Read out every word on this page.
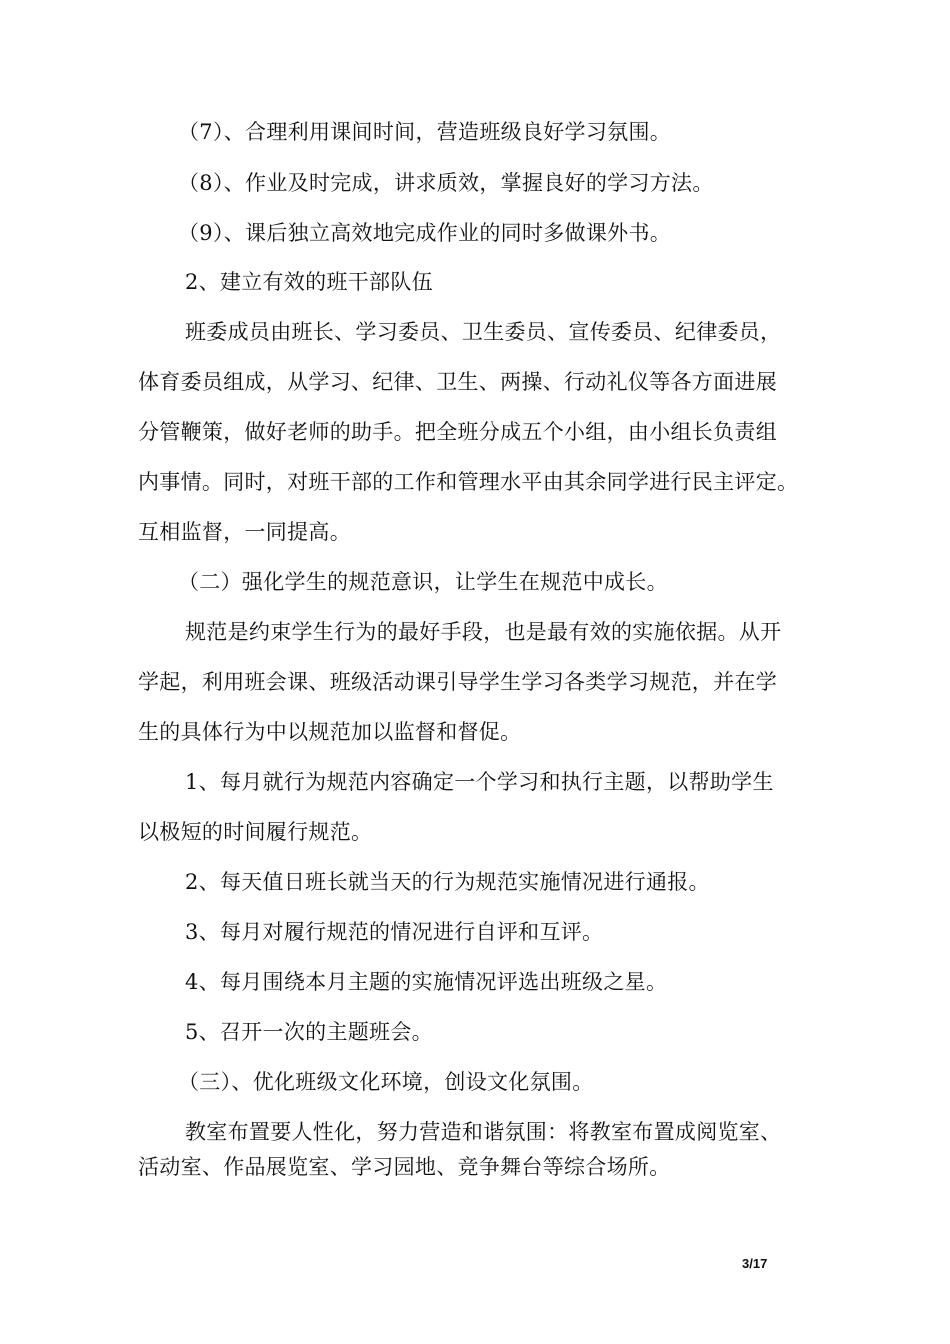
（7）、合理利用课间时间，营造班级良好学习氛围。
（8）、作业及时完成，讲求质效，掌握良好的学习方法。
（9）、课后独立高效地完成作业的同时多做课外书。
2、建立有效的班干部队伍
班委成员由班长、学习委员、卫生委员、宣传委员、纪律委员，
体育委员组成，从学习、纪律、卫生、两操、行动礼仪等各方面进展
分管鞭策，做好老师的助手。把全班分成五个小组，由小组长负责组
内事情。同时，对班干部的工作和管理水平由其余同学进行民主评定。
互相监督，一同提高。
（二）强化学生的规范意识，让学生在规范中成长。
规范是约束学生行为的最好手段，也是最有效的实施依据。从开
学起，利用班会课、班级活动课引导学生学习各类学习规范，并在学
生的具体行为中以规范加以监督和督促。
1、每月就行为规范内容确定一个学习和执行主题，以帮助学生
以极短的时间履行规范。
2、每天值日班长就当天的行为规范实施情况进行通报。
3、每月对履行规范的情况进行自评和互评。
4、每月围绕本月主题的实施情况评选出班级之星。
5、召开一次的主题班会。
（三）、优化班级文化环境，创设文化氛围。
教室布置要人性化，努力营造和谐氛围：将教室布置成阅览室、
活动室、作品展览室、学习园地、竞争舞台等综合场所。
3/17
